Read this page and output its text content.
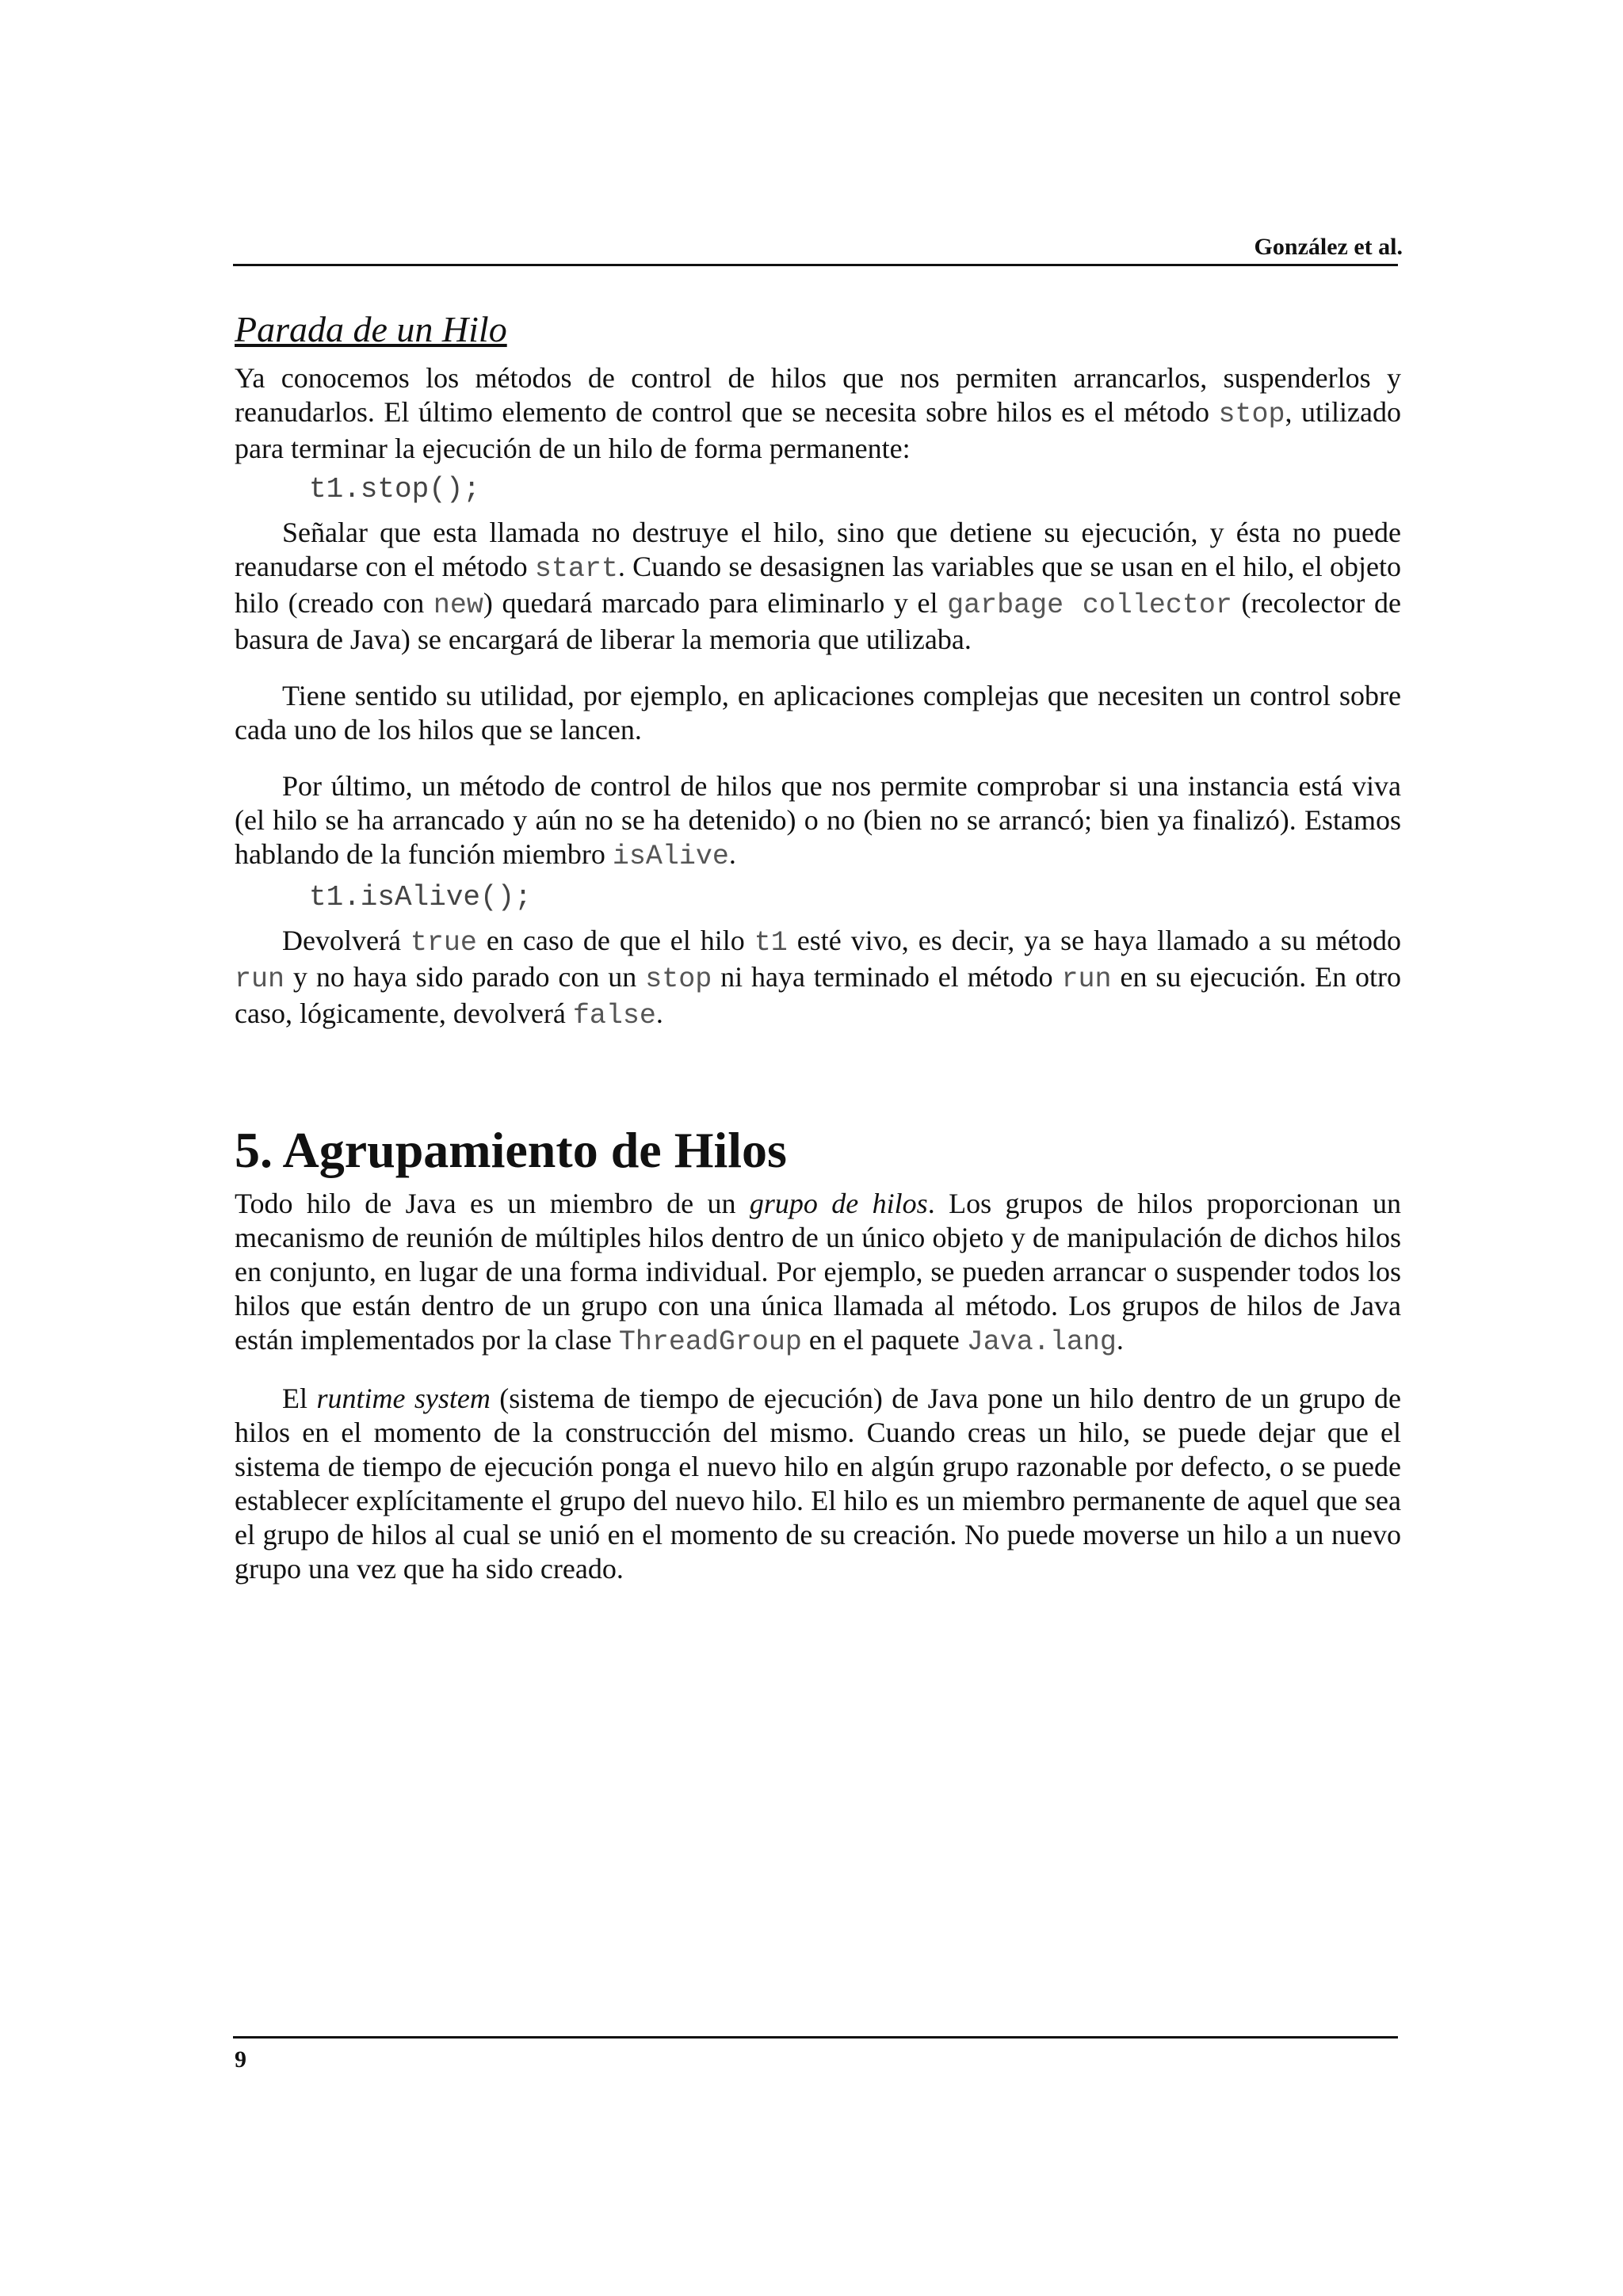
González et al.
Parada de un Hilo

Ya conocemos los métodos de control de hilos que nos permiten arrancarlos, suspenderlos y reanudarlos. El último elemento de control que se necesita sobre hilos es el método stop, utilizado para terminar la ejecución de un hilo de forma permanente:

t1.stop();

Señalar que esta llamada no destruye el hilo, sino que detiene su ejecución, y ésta no puede reanudarse con el método start. Cuando se desasignen las variables que se usan en el hilo, el objeto hilo (creado con new) quedará marcado para eliminarlo y el garbage collector (recolector de basura de Java) se encargará de liberar la memoria que utilizaba.

Tiene sentido su utilidad, por ejemplo, en aplicaciones complejas que necesiten un control sobre cada uno de los hilos que se lancen.

Por último, un método de control de hilos que nos permite comprobar si una instancia está viva (el hilo se ha arrancado y aún no se ha detenido) o no (bien no se arrancó; bien ya finalizó). Estamos hablando de la función miembro isAlive.

t1.isAlive();

Devolverá true en caso de que el hilo t1 esté vivo, es decir, ya se haya llamado a su método run y no haya sido parado con un stop ni haya terminado el método run en su ejecución. En otro caso, lógicamente, devolverá false.

5. Agrupamiento de Hilos

Todo hilo de Java es un miembro de un grupo de hilos. Los grupos de hilos proporcionan un mecanismo de reunión de múltiples hilos dentro de un único objeto y de manipulación de dichos hilos en conjunto, en lugar de una forma individual. Por ejemplo, se pueden arrancar o suspender todos los hilos que están dentro de un grupo con una única llamada al método. Los grupos de hilos de Java están implementados por la clase ThreadGroup en el paquete Java.lang.

El runtime system (sistema de tiempo de ejecución) de Java pone un hilo dentro de un grupo de hilos en el momento de la construcción del mismo. Cuando creas un hilo, se puede dejar que el sistema de tiempo de ejecución ponga el nuevo hilo en algún grupo razonable por defecto, o se puede establecer explícitamente el grupo del nuevo hilo. El hilo es un miembro permanente de aquel que sea el grupo de hilos al cual se unió en el momento de su creación. No puede moverse un hilo a un nuevo grupo una vez que ha sido creado.

9
